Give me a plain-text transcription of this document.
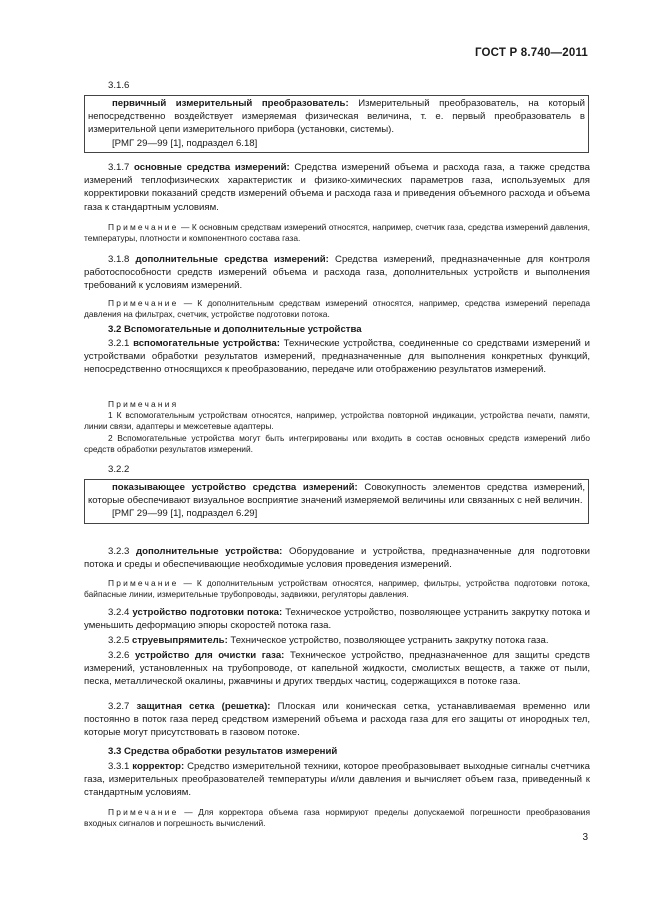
ГОСТ Р 8.740—2011
3.1.6
первичный измерительный преобразователь: Измерительный преобразователь, на который непосредственно воздействует измеряемая физическая величина, т. е. первый преобразователь в измерительной цепи измерительного прибора (установки, системы).
[РМГ 29—99 [1], подраздел 6.18]
3.1.7 основные средства измерений: Средства измерений объема и расхода газа, а также средства измерений теплофизических характеристик и физико-химических параметров газа, используемых для корректировки показаний средств измерений объема и расхода газа и приведения объемного расхода и объема газа к стандартным условиям.
Примечание — К основным средствам измерений относятся, например, счетчик газа, средства измерений давления, температуры, плотности и компонентного состава газа.
3.1.8 дополнительные средства измерений: Средства измерений, предназначенные для контроля работоспособности средств измерений объема и расхода газа, дополнительных устройств и выполнения требований к условиям измерений.
Примечание — К дополнительным средствам измерений относятся, например, средства измерений перепада давления на фильтрах, счетчик, устройстве подготовки потока.
3.2 Вспомогательные и дополнительные устройства
3.2.1 вспомогательные устройства: Технические устройства, соединенные со средствами измерений и устройствами обработки результатов измерений, предназначенные для выполнения конкретных функций, непосредственно относящихся к преобразованию, передаче или отображению результатов измерений.
Примечания
1 К вспомогательным устройствам относятся, например, устройства повторной индикации, устройства печати, памяти, линии связи, адаптеры и межсетевые адаптеры.
2 Вспомогательные устройства могут быть интегрированы или входить в состав основных средств измерений либо средств обработки результатов измерений.
3.2.2
показывающее устройство средства измерений: Совокупность элементов средства измерений, которые обеспечивают визуальное восприятие значений измеряемой величины или связанных с ней величин.
[РМГ 29—99 [1], подраздел 6.29]
3.2.3 дополнительные устройства: Оборудование и устройства, предназначенные для подготовки потока и среды и обеспечивающие необходимые условия проведения измерений.
Примечание — К дополнительным устройствам относятся, например, фильтры, устройства подготовки потока, байпасные линии, измерительные трубопроводы, задвижки, регуляторы давления.
3.2.4 устройство подготовки потока: Техническое устройство, позволяющее устранить закрутку потока и уменьшить деформацию эпюры скоростей потока газа.
3.2.5 струевыпрямитель: Техническое устройство, позволяющее устранить закрутку потока газа.
3.2.6 устройство для очистки газа: Техническое устройство, предназначенное для защиты средств измерений, установленных на трубопроводе, от капельной жидкости, смолистых веществ, а также от пыли, песка, металлической окалины, ржавчины и других твердых частиц, содержащихся в потоке газа.
3.2.7 защитная сетка (решетка): Плоская или коническая сетка, устанавливаемая временно или постоянно в поток газа перед средством измерений объема и расхода газа для его защиты от инородных тел, которые могут присутствовать в газовом потоке.
3.3 Средства обработки результатов измерений
3.3.1 корректор: Средство измерительной техники, которое преобразовывает выходные сигналы счетчика газа, измерительных преобразователей температуры и/или давления и вычисляет объем газа, приведенный к стандартным условиям.
Примечание — Для корректора объема газа нормируют пределы допускаемой погрешности преобразования входных сигналов и погрешность вычислений.
3
